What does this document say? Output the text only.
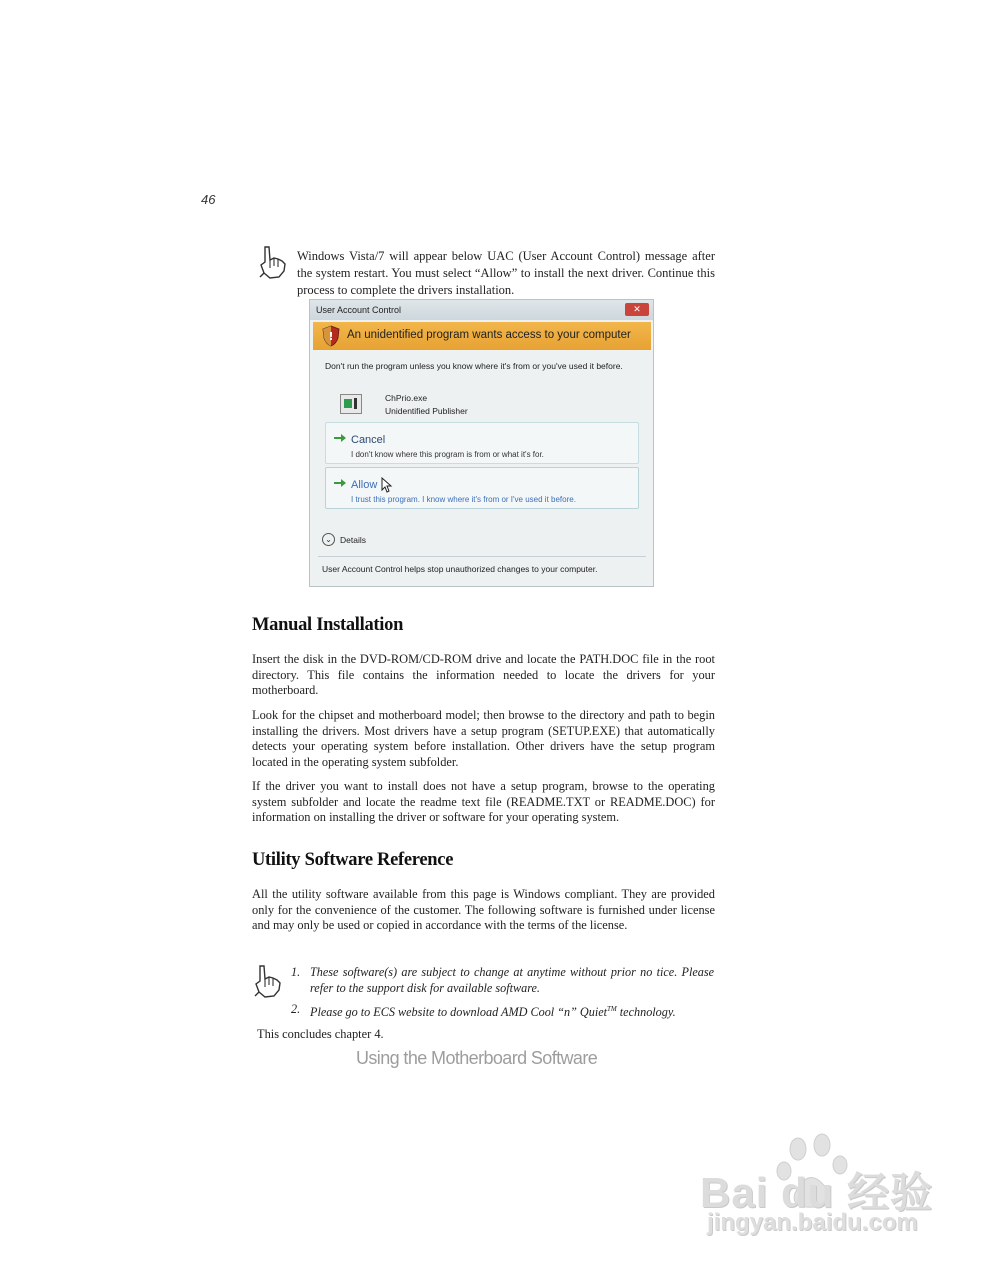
46

Windows Vista/7 will appear below UAC (User Account Control) message after the system restart. You must select “Allow” to install the next driver. Continue this process to complete the drivers installation.

User Account Control	✕
! An unidentified program wants access to your computer
Don't run the program unless you know where it's from or you've used it before.
ChPrio.exe
Unidentified Publisher
Cancel
I don't know where this program is from or what it's for.
Allow
I trust this program. I know where it's from or I've used it before.
⌄ Details
User Account Control helps stop unauthorized changes to your computer.
Manual Installation

Insert the disk in the DVD-ROM/CD-ROM drive and locate the PATH.DOC file in the root directory. This file contains the information needed to locate the drivers for your motherboard.

Look for the chipset and motherboard model; then browse to the directory and path to begin installing the drivers. Most drivers have a setup program (SETUP.EXE) that automatically detects your operating system before installation. Other drivers have the setup program located in the operating system subfolder.

If the driver you want to install does not have a setup program, browse to the operating system subfolder and locate the readme text file (README.TXT or README.DOC) for information on installing the driver or software for your operating system.

Utility Software Reference

All the utility software available from this page is Windows compliant. They are provided only for the convenience of the customer. The following software is furnished under license and may only be used or copied in accordance with the terms of the license.

1. These software(s) are subject to change at anytime without prior no tice. Please refer to the support disk for available software.
2. Please go to ECS website to download AMD Cool “n” Quiet™ technology.
This concludes chapter 4.
Using the Motherboard Software
Bai du 经验
jingyan.baidu.com
